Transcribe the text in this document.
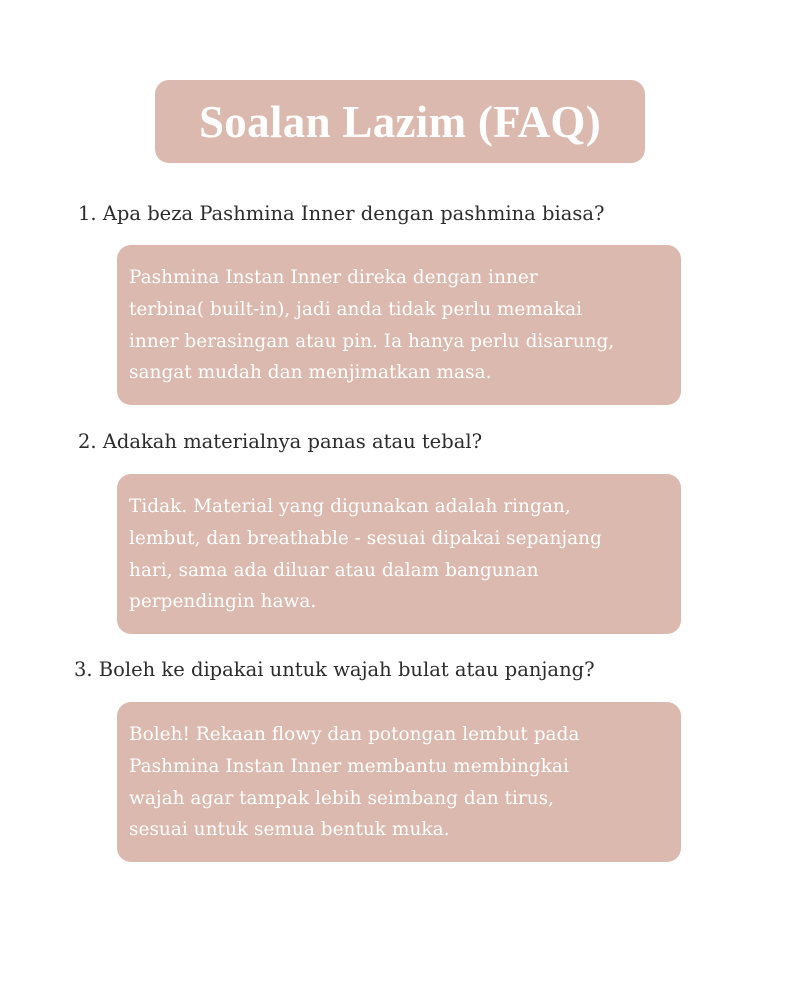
Soalan Lazim (FAQ)
1. Apa beza Pashmina Inner dengan pashmina biasa?

Pashmina Instan Inner direka dengan inner
terbina( built-in), jadi anda tidak perlu memakai
inner berasingan atau pin. Ia hanya perlu disarung,
sangat mudah dan menjimatkan masa.

2. Adakah materialnya panas atau tebal?

Tidak. Material yang digunakan adalah ringan,
lembut, dan breathable - sesuai dipakai sepanjang
hari, sama ada diluar atau dalam bangunan
perpendingin hawa.

3. Boleh ke dipakai untuk wajah bulat atau panjang?

Boleh! Rekaan flowy dan potongan lembut pada
Pashmina Instan Inner membantu membingkai
wajah agar tampak lebih seimbang dan tirus,
sesuai untuk semua bentuk muka.
